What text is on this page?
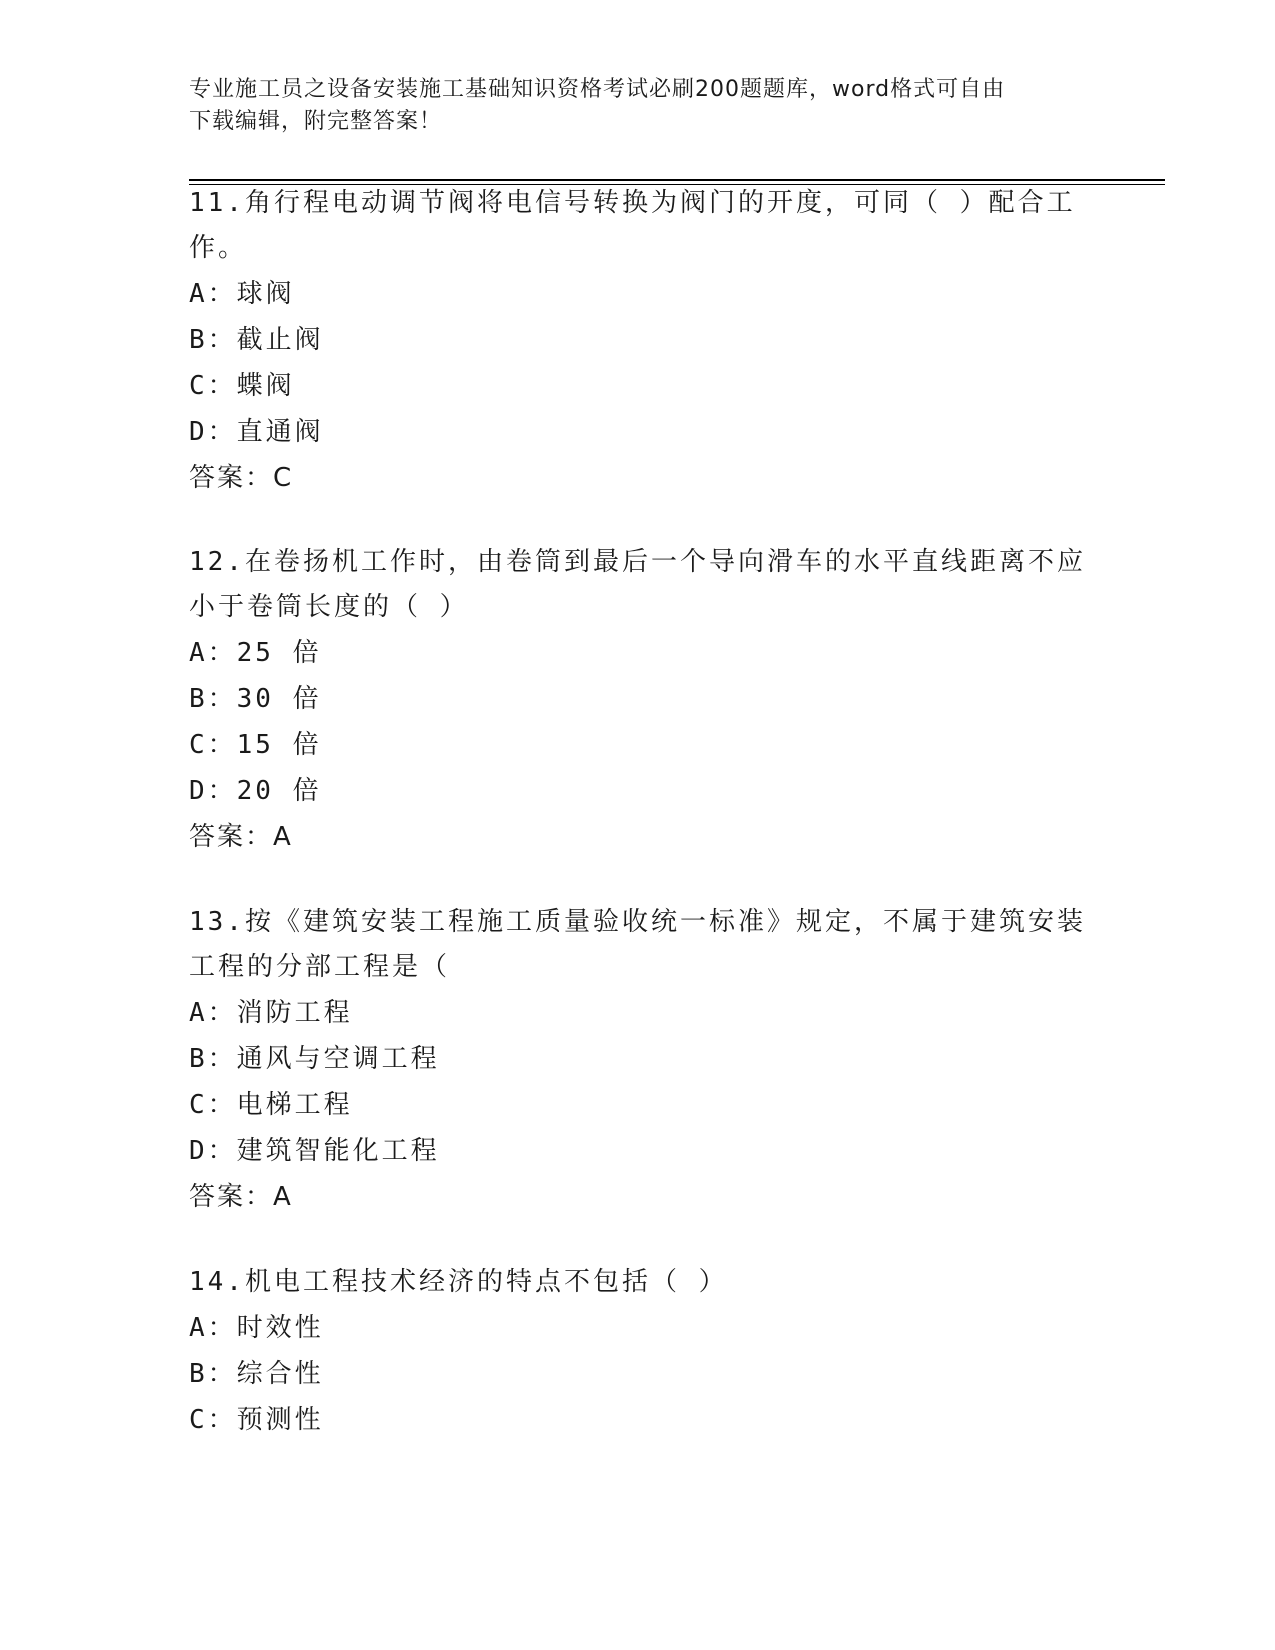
专业施工员之设备安装施工基础知识资格考试必刷200题题库，word格式可自由
下载编辑，附完整答案！
11.角行程电动调节阀将电信号转换为阀门的开度，可同（ ）配合工
作。
A：球阀
B：截止阀
C：蝶阀
D：直通阀
答案：C
12.在卷扬机工作时，由卷筒到最后一个导向滑车的水平直线距离不应
小于卷筒长度的（ ）
A：25 倍
B：30 倍
C：15 倍
D：20 倍
答案：A
13.按《建筑安装工程施工质量验收统一标准》规定，不属于建筑安装
工程的分部工程是（
A：消防工程
B：通风与空调工程
C：电梯工程
D：建筑智能化工程
答案：A
14.机电工程技术经济的特点不包括（ ）
A：时效性
B：综合性
C：预测性
